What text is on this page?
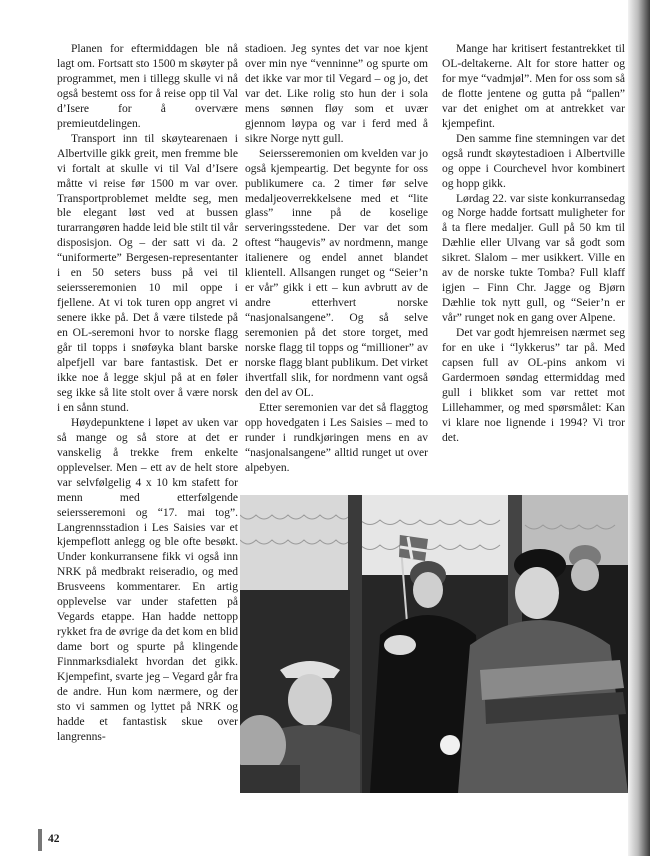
Planen for eftermiddagen ble nå lagt om. Fortsatt sto 1500 m skøyter på programmet, men i tillegg skulle vi nå også bestemt oss for å reise opp til Val d’Isere for å overvære premieutdelingen.

Transport inn til skøytearenaen i Albertville gikk greit, men fremme ble vi fortalt at skulle vi til Val d’Isere måtte vi reise før 1500 m var over. Transportproblemet meldte seg, men ble elegant løst ved at bussen turarrangøren hadde leid ble stilt til vår disposisjon. Og – der satt vi da. 2 “uniformerte” Bergesen-representanter i en 50 seters buss på vei til seiersseremonien 10 mil oppe i fjellene. At vi tok turen opp angret vi senere ikke på. Det å være tilstede på en OL-seremoni hvor to norske flagg går til topps i snøføyka blant barske alpefjell var bare fantastisk. Det er ikke noe å legge skjul på at en føler seg ikke så lite stolt over å være norsk i en sånn stund.

Høydepunktene i løpet av uken var så mange og så store at det er vanskelig å trekke frem enkelte opplevelser. Men – ett av de helt store var selvfølgelig 4 x 10 km stafett for menn med etterfølgende seiersseremoni og “17. mai tog”. Langrennsstadion i Les Saisies var et kjempeflott anlegg og ble ofte besøkt. Under konkurransene fikk vi også inn NRK på medbrakt reiseradio, og med Brusveens kommentarer. En artig opplevelse var under stafetten på Vegards etappe. Han hadde nettopp rykket fra de øvrige da det kom en blid dame bort og spurte på klingende Finnmarksdialekt hvordan det gikk. Kjempefint, svarte jeg – Vegard går fra de andre. Hun kom nærmere, og der sto vi sammen og lyttet på NRK og hadde et fantastisk skue over langrenns-

stadioen. Jeg syntes det var noe kjent over min nye “venninne” og spurte om det ikke var mor til Vegard – og jo, det var det. Like rolig sto hun der i sola mens sønnen fløy som et uvær gjennom løypa og var i ferd med å sikre Norge nytt gull.

Seiersseremonien om kvelden var jo også kjempeartig. Det begynte for oss publikumere ca. 2 timer før selve medaljeoverrekkelsene med et “lite glass” inne på de koselige serveringsstedene. Der var det som oftest “haugevis” av nordmenn, mange italienere og endel annet blandet klientell. Allsangen runget og “Seier’n er vår” gikk i ett – kun avbrutt av de andre etterhvert norske “nasjonalsangene”. Og så selve seremonien på det store torget, med norske flagg til topps og “millioner” av norske flagg blant publikum. Det virket ihvertfall slik, for nordmenn vant også den del av OL.

Etter seremonien var det så flaggtog opp hovedgaten i Les Saisies – med to runder i rundkjøringen mens en av “nasjonalsangene” alltid runget ut over alpebyen.

Mange har kritisert festantrekket til OL-deltakerne. Alt for store hatter og for mye “vadmjøl”. Men for oss som så de flotte jentene og gutta på “pallen” var det enighet om at antrekket var kjempefint.

Den samme fine stemningen var det også rundt skøytestadioen i Albertville og oppe i Courchevel hvor kombinert og hopp gikk.

Lørdag 22. var siste konkurransedag og Norge hadde fortsatt muligheter for å ta flere medaljer. Gull på 50 km til Dæhlie eller Ulvang var så godt som sikret. Slalom – mer usikkert. Ville en av de norske tukte Tomba? Full klaff igjen – Finn Chr. Jagge og Bjørn Dæhlie tok nytt gull, og “Seier’n er vår” runget nok en gang over Alpene.

Det var godt hjemreisen nærmet seg for en uke i “lykkerus” tar på. Med capsen full av OL-pins ankom vi Gardermoen søndag ettermiddag med gull i blikket som var rettet mot Lillehammer, og med spørsmålet: Kan vi klare noe lignende i 1994? Vi tror det.

42
